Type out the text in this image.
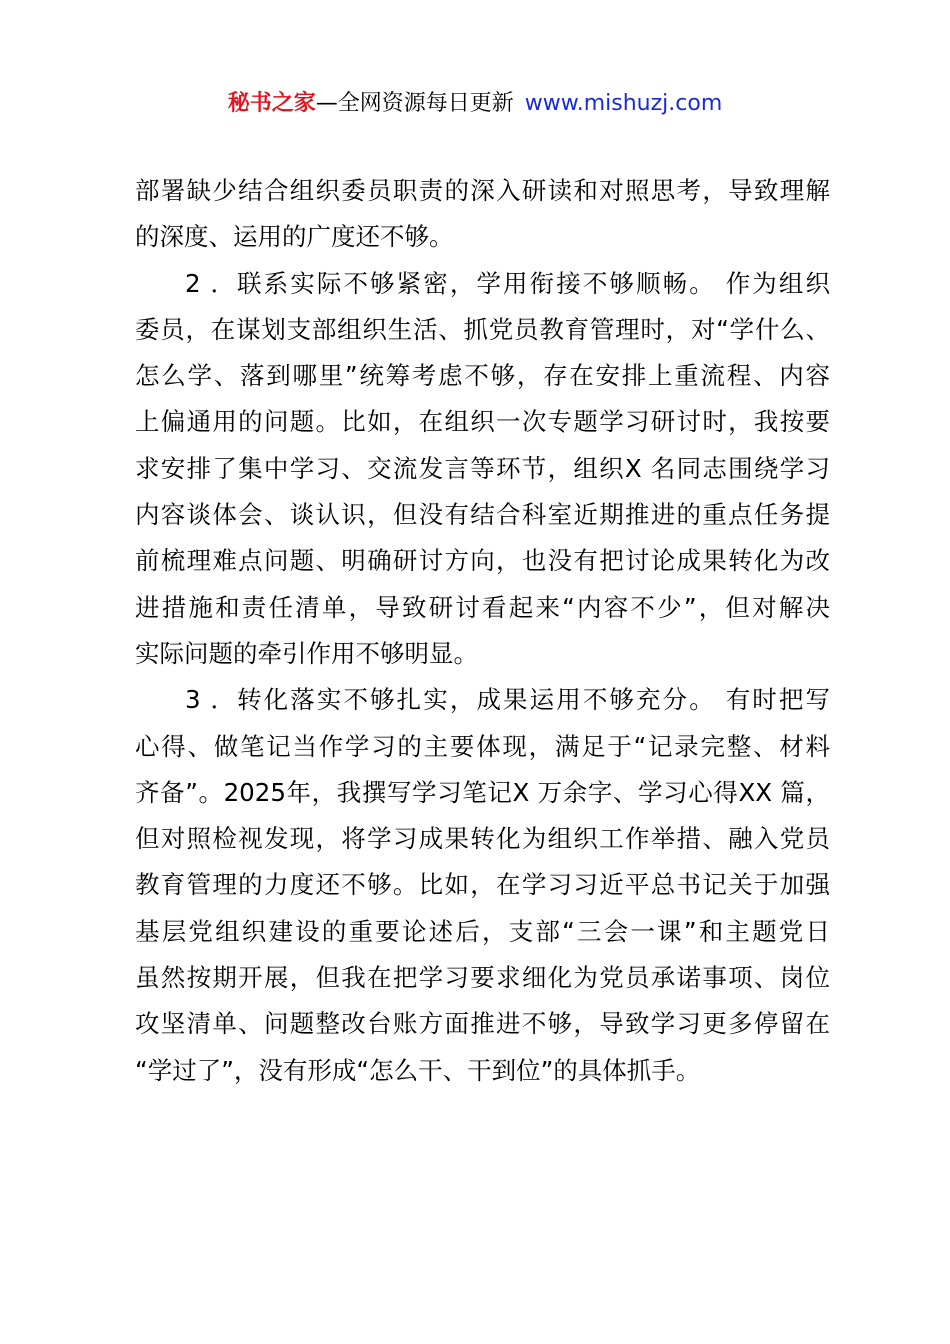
秘书之家—全网资源每日更新 www.mishuzj.com
部署缺少结合组织委员职责的深入研读和对照思考，导致理解
的深度、运用的广度还不够。
2 ．联系实际不够紧密，学用衔接不够顺畅。 作为组织
委员，在谋划支部组织生活、抓党员教育管理时，对“学什么、
怎么学、落到哪里”统筹考虑不够，存在安排上重流程、内容
上偏通用的问题。比如，在组织一次专题学习研讨时，我按要
求安排了集中学习、交流发言等环节，组织X 名同志围绕学习
内容谈体会、谈认识，但没有结合科室近期推进的重点任务提
前梳理难点问题、明确研讨方向，也没有把讨论成果转化为改
进措施和责任清单，导致研讨看起来“内容不少”，但对解决
实际问题的牵引作用不够明显。
3 ．转化落实不够扎实，成果运用不够充分。 有时把写
心得、做笔记当作学习的主要体现，满足于“记录完整、材料
齐备”。2025年，我撰写学习笔记X 万余字、学习心得XX 篇，
但对照检视发现，将学习成果转化为组织工作举措、融入党员
教育管理的力度还不够。比如，在学习习近平总书记关于加强
基层党组织建设的重要论述后，支部“三会一课”和主题党日
虽然按期开展，但我在把学习要求细化为党员承诺事项、岗位
攻坚清单、问题整改台账方面推进不够，导致学习更多停留在
“学过了”，没有形成“怎么干、干到位”的具体抓手。
